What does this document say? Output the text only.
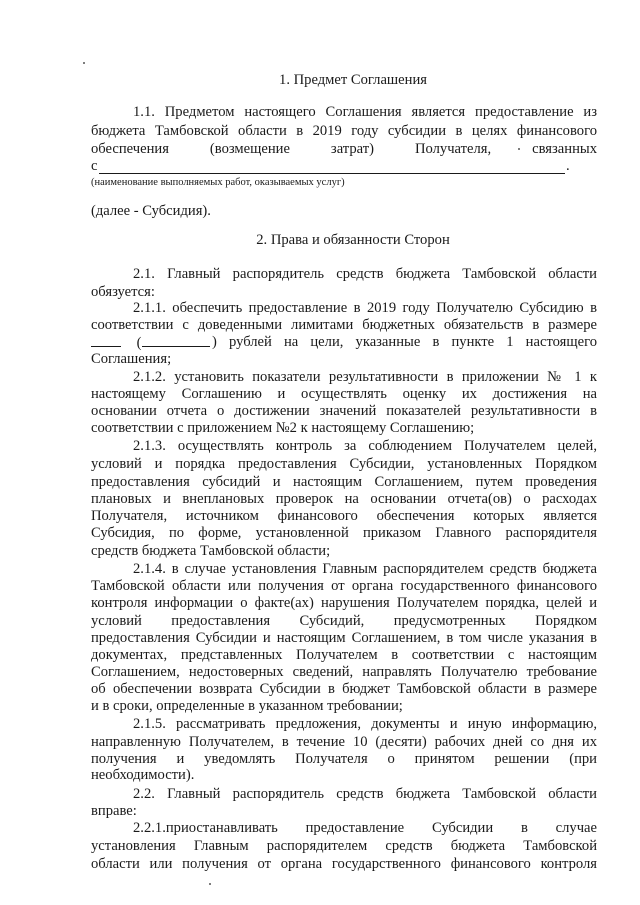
1. Предмет Соглашения
1.1. Предметом настоящего Соглашения является предоставление из
бюджета Тамбовской области в 2019 году субсидии в целях финансового
обеспечения (возмещение затрат) Получателя, связанных
с	.
(наименование выполняемых работ, оказываемых услуг)
(далее - Субсидия).
2. Права и обязанности Сторон
2.1. Главный распорядитель средств бюджета Тамбовской области
обязуется:
2.1.1. обеспечить предоставление в 2019 году Получателю Субсидию в
соответствии с доведенными лимитами бюджетных обязательств в размере
(	) рублей на цели, указанные в пункте 1 настоящего
Соглашения;
2.1.2. установить показатели результативности в приложении № 1 к
настоящему Соглашению и осуществлять оценку их достижения на
основании отчета о достижении значений показателей результативности в
соответствии с приложением №2 к настоящему Соглашению;
2.1.3. осуществлять контроль за соблюдением Получателем целей,
условий и порядка предоставления Субсидии, установленных Порядком
предоставления субсидий и настоящим Соглашением, путем проведения
плановых и внеплановых проверок на основании отчета(ов) о расходах
Получателя, источником финансового обеспечения которых является
Субсидия, по форме, установленной приказом Главного распорядителя
средств бюджета Тамбовской области;
2.1.4. в случае установления Главным распорядителем средств бюджета
Тамбовской области или получения от органа государственного финансового
контроля информации о факте(ах) нарушения Получателем порядка, целей и
условий предоставления Субсидий, предусмотренных Порядком
предоставления Субсидии и настоящим Соглашением, в том числе указания в
документах, представленных Получателем в соответствии с настоящим
Соглашением, недостоверных сведений, направлять Получателю требование
об обеспечении возврата Субсидии в бюджет Тамбовской области в размере
и в сроки, определенные в указанном требовании;
2.1.5. рассматривать предложения, документы и иную информацию,
направленную Получателем, в течение 10 (десяти) рабочих дней со дня их
получения и уведомлять Получателя о принятом решении (при
необходимости).
2.2. Главный распорядитель средств бюджета Тамбовской области
вправе:
2.2.1.приостанавливать предоставление Субсидии в случае
установления Главным распорядителем средств бюджета Тамбовской
области или получения от органа государственного финансового контроля
